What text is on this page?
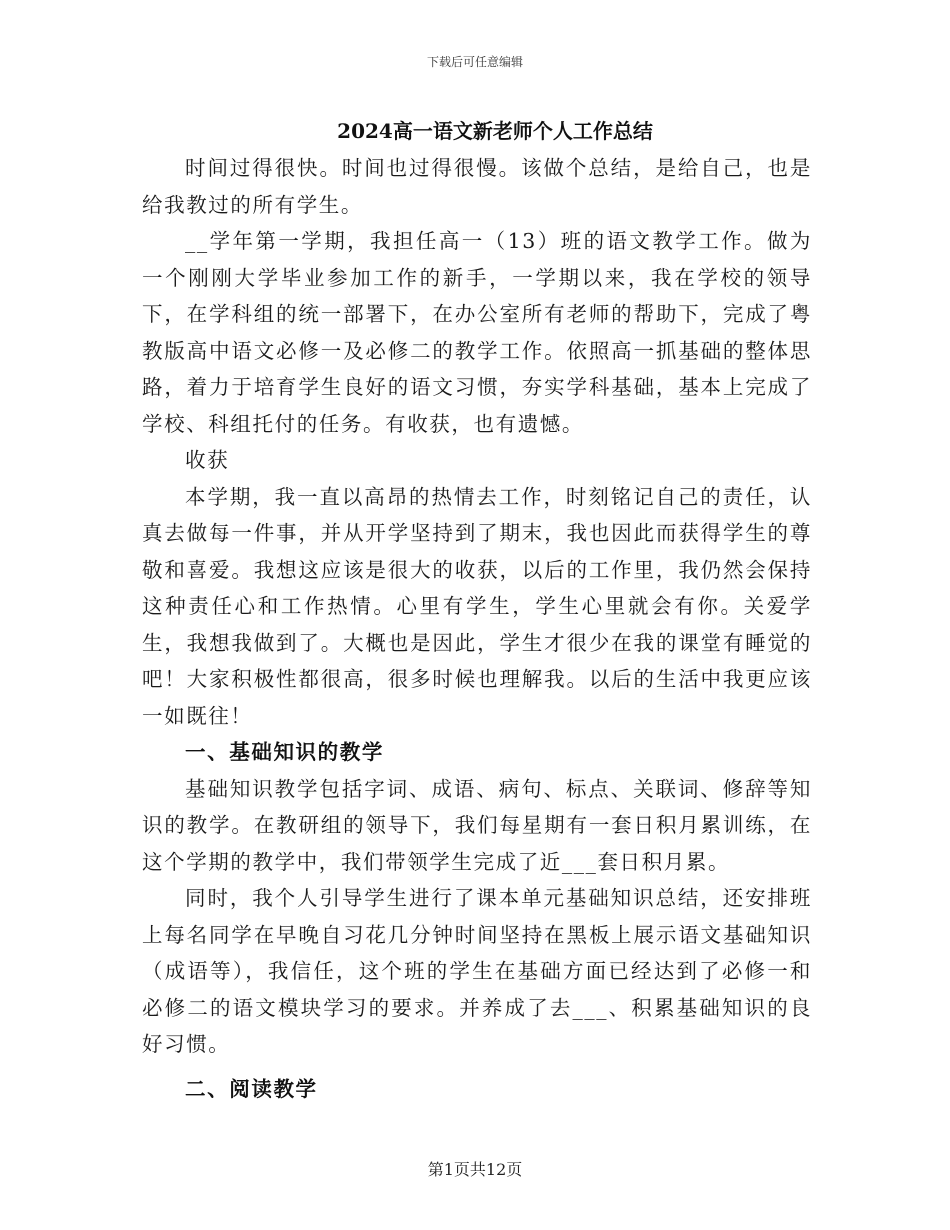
下载后可任意编辑
2024高一语文新老师个人工作总结

时间过得很快。时间也过得很慢。该做个总结，是给自己，也是给我教过的所有学生。

__学年第一学期，我担任高一（13）班的语文教学工作。做为一个刚刚大学毕业参加工作的新手，一学期以来，我在学校的领导下，在学科组的统一部署下，在办公室所有老师的帮助下，完成了粤教版高中语文必修一及必修二的教学工作。依照高一抓基础的整体思路，着力于培育学生良好的语文习惯，夯实学科基础，基本上完成了学校、科组托付的任务。有收获，也有遗憾。

收获

本学期，我一直以高昂的热情去工作，时刻铭记自己的责任，认真去做每一件事，并从开学坚持到了期末，我也因此而获得学生的尊敬和喜爱。我想这应该是很大的收获，以后的工作里，我仍然会保持这种责任心和工作热情。心里有学生，学生心里就会有你。关爱学生，我想我做到了。大概也是因此，学生才很少在我的课堂有睡觉的吧！大家积极性都很高，很多时候也理解我。以后的生活中我更应该一如既往！

一、基础知识的教学

基础知识教学包括字词、成语、病句、标点、关联词、修辞等知识的教学。在教研组的领导下，我们每星期有一套日积月累训练，在这个学期的教学中，我们带领学生完成了近___套日积月累。

同时，我个人引导学生进行了课本单元基础知识总结，还安排班上每名同学在早晚自习花几分钟时间坚持在黑板上展示语文基础知识（成语等），我信任，这个班的学生在基础方面已经达到了必修一和必修二的语文模块学习的要求。并养成了去___、积累基础知识的良好习惯。

二、阅读教学

第1页共12页
